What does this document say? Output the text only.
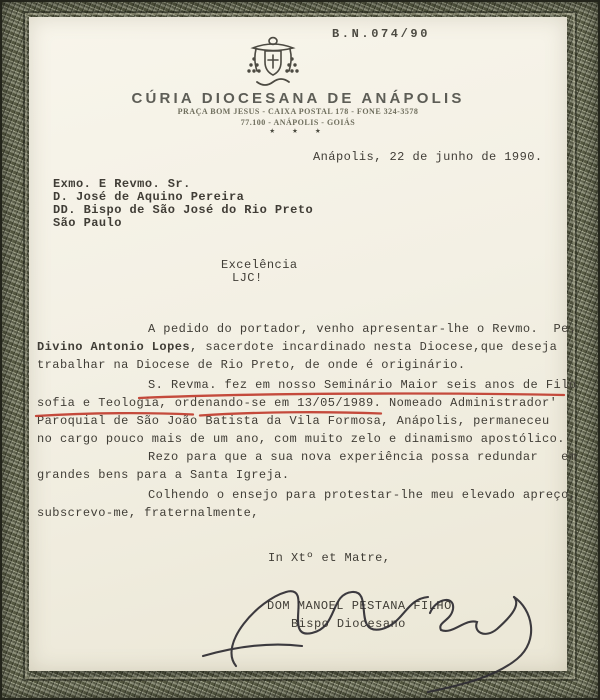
B.N.074/90
CÚRIA DIOCESANA DE ANÁPOLIS
PRAÇA BOM JESUS - CAIXA POSTAL 178 - FONE 324-3578
77.100 - ANÁPOLIS - GOIÁS
★ ★ ★
Anápolis, 22 de junho de 1990.
Exmo. E Revmo. Sr.
D. José de Aquino Pereira
DD. Bispo de São José do Rio Preto
São Paulo
Excelência
LJC!
A pedido do portador, venho apresentar-lhe o Revmo.  Pe.
Divino Antonio Lopes, sacerdote incardinado nesta Diocese,que deseja
trabalhar na Diocese de Rio Preto, de onde é originário.
S. Revma. fez em nosso Seminário Maior seis anos de Filo
sofia e Teologia, ordenando-se em 13/05/1989. Nomeado Administrador'
Paroquial de São João Batista da Vila Formosa, Anápolis, permaneceu
no cargo pouco mais de um ano, com muito zelo e dinamismo apostólico.
Rezo para que a sua nova experiência possa redundar   em
grandes bens para a Santa Igreja.
Colhendo o ensejo para protestar-lhe meu elevado apreço,
subscrevo-me, fraternalmente,
In Xtº et Matre,
DOM MANOEL PESTANA FILHO
Bispo Diocesano
